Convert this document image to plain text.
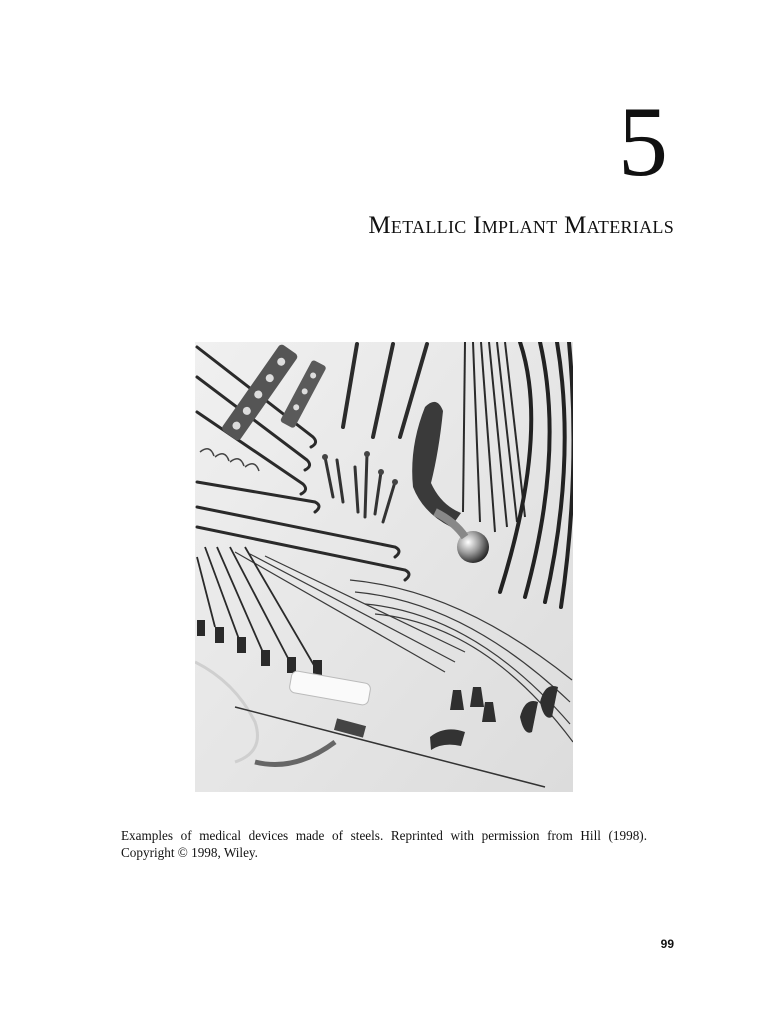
5
Metallic Implant Materials
Examples of medical devices made of steels. Reprinted with permission from Hill (1998). Copyright © 1998, Wiley.
99
